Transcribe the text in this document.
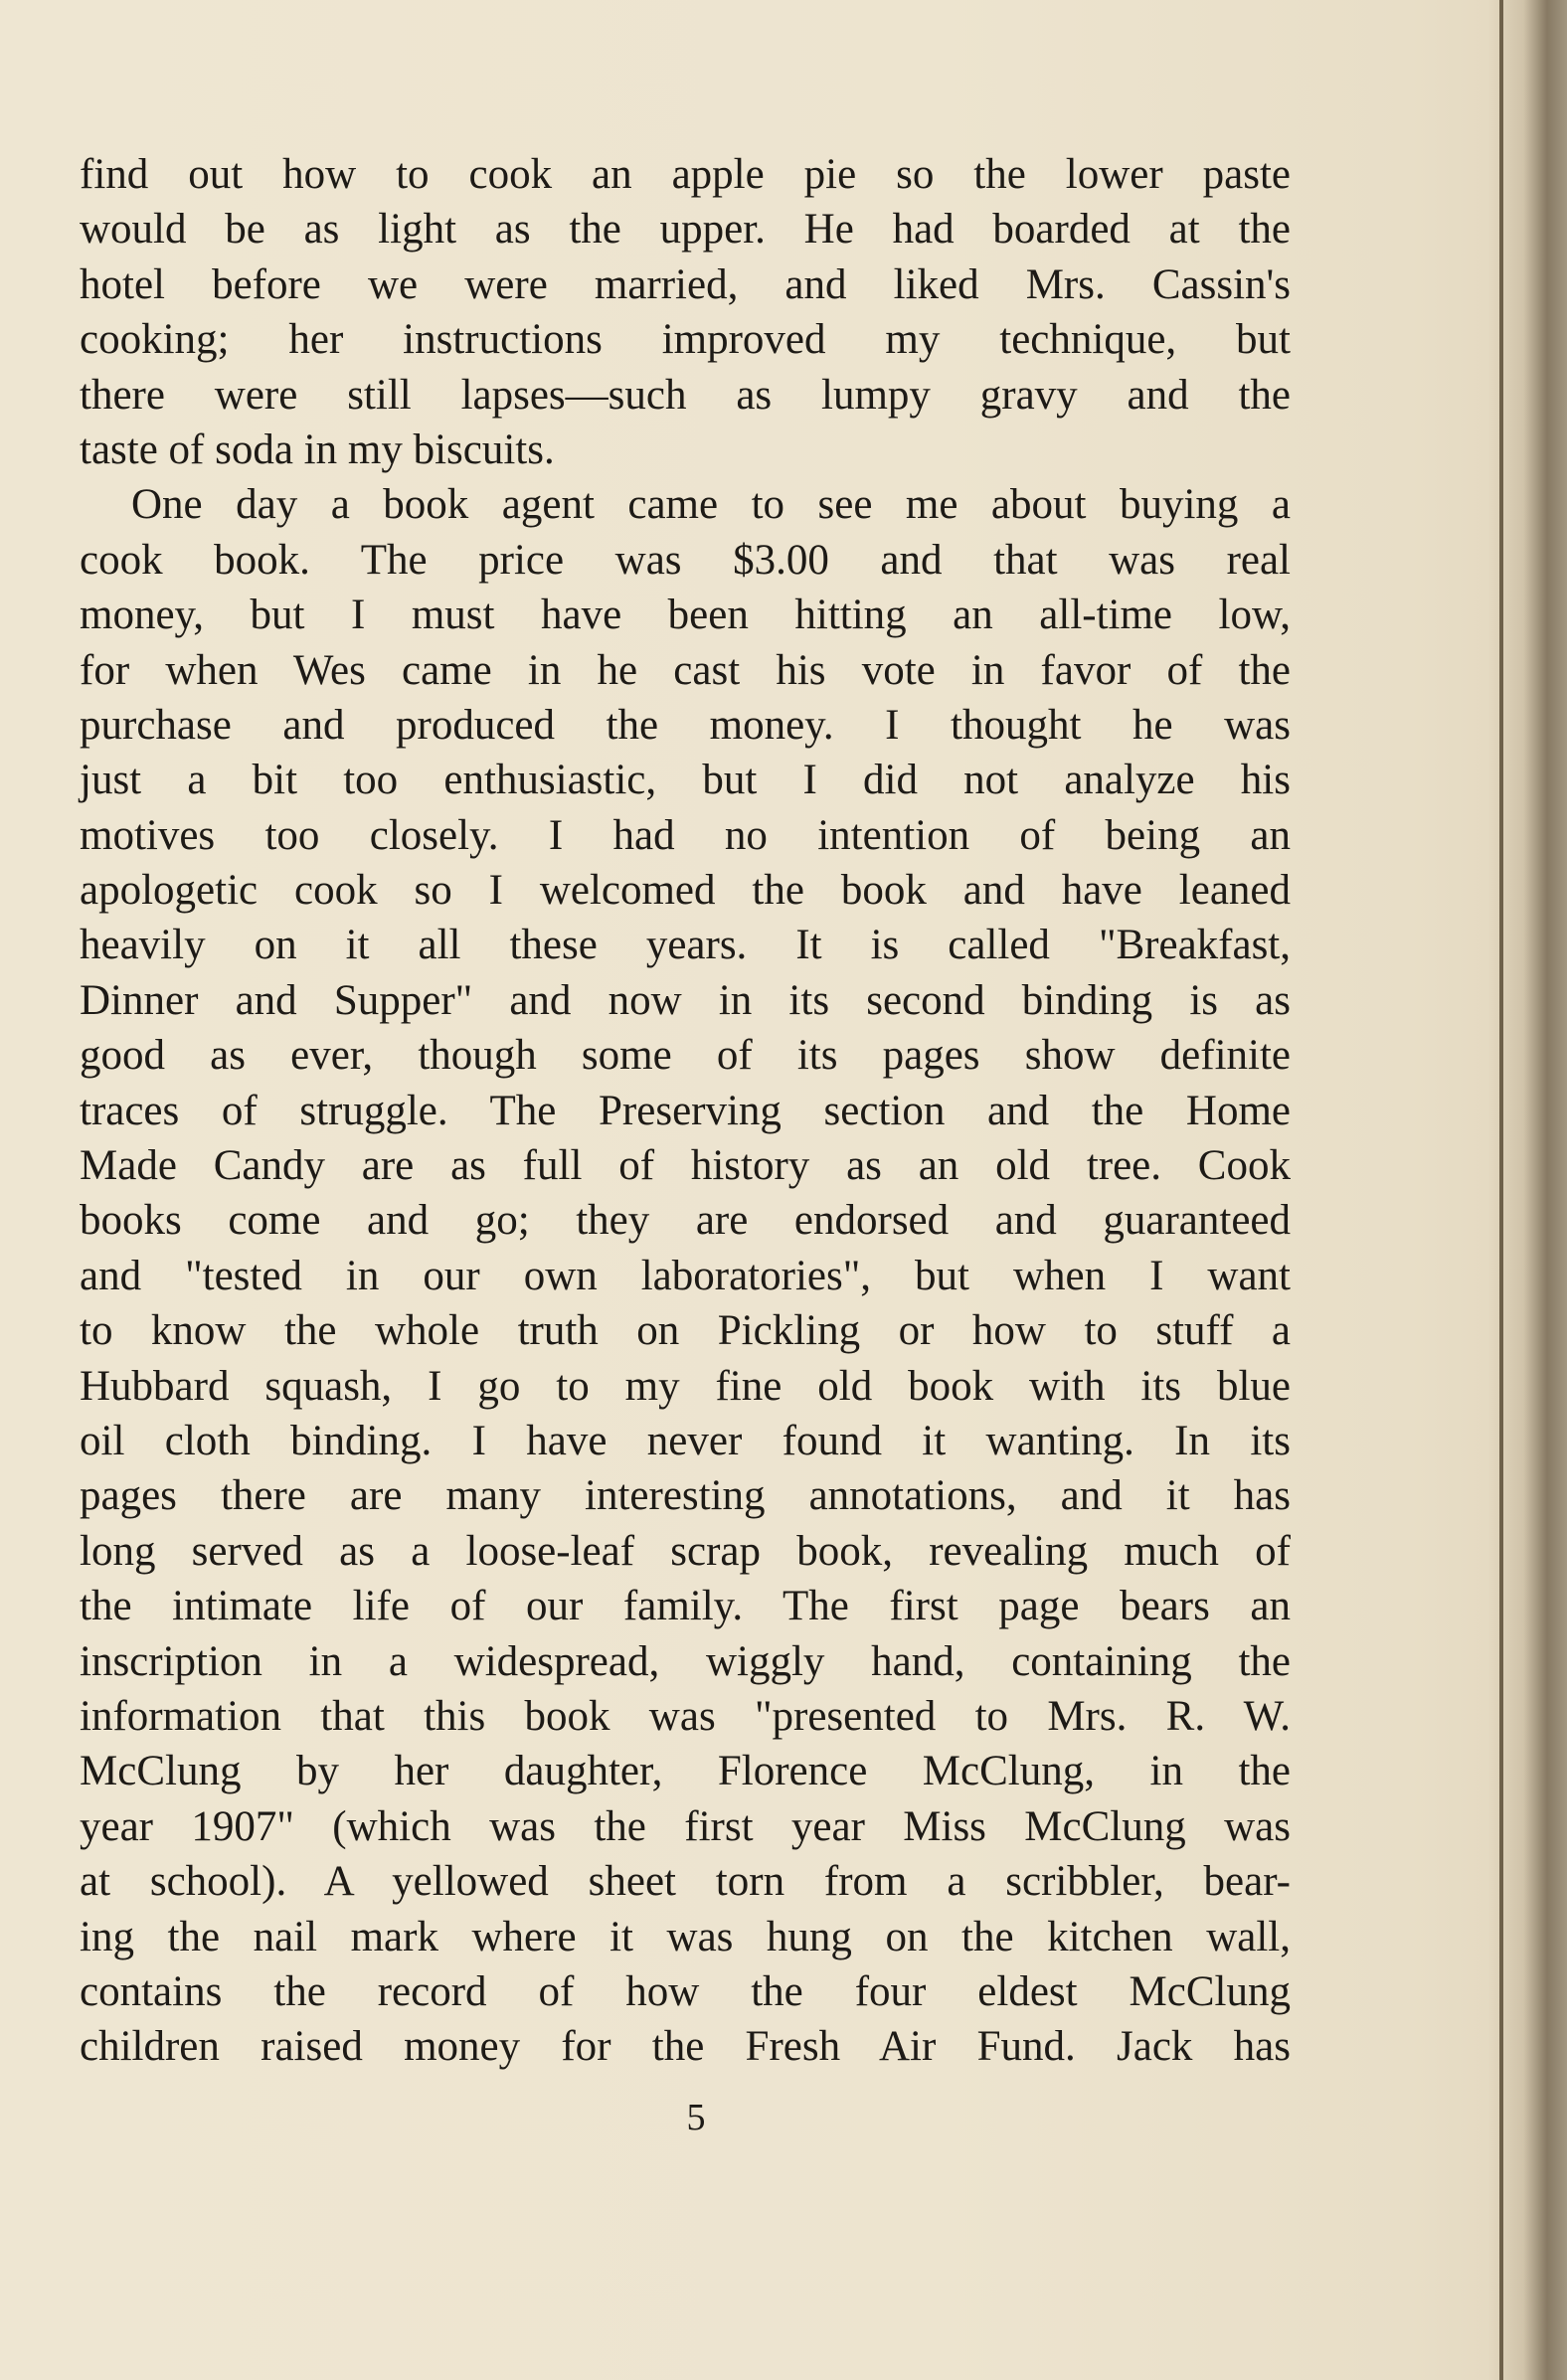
find out how to cook an apple pie so the lower paste
would be as light as the upper. He had boarded at the
hotel before we were married, and liked Mrs. Cassin's
cooking; her instructions improved my technique, but
there were still lapses—such as lumpy gravy and the
taste of soda in my biscuits.
One day a book agent came to see me about buying a
cook book. The price was $3.00 and that was real
money, but I must have been hitting an all-time low,
for when Wes came in he cast his vote in favor of the
purchase and produced the money. I thought he was
just a bit too enthusiastic, but I did not analyze his
motives too closely. I had no intention of being an
apologetic cook so I welcomed the book and have leaned
heavily on it all these years. It is called "Breakfast,
Dinner and Supper" and now in its second binding is as
good as ever, though some of its pages show definite
traces of struggle. The Preserving section and the Home
Made Candy are as full of history as an old tree. Cook
books come and go; they are endorsed and guaranteed
and "tested in our own laboratories", but when I want
to know the whole truth on Pickling or how to stuff a
Hubbard squash, I go to my fine old book with its blue
oil cloth binding. I have never found it wanting. In its
pages there are many interesting annotations, and it has
long served as a loose-leaf scrap book, revealing much of
the intimate life of our family. The first page bears an
inscription in a widespread, wiggly hand, containing the
information that this book was "presented to Mrs. R. W.
McClung by her daughter, Florence McClung, in the
year 1907" (which was the first year Miss McClung was
at school). A yellowed sheet torn from a scribbler, bear-
ing the nail mark where it was hung on the kitchen wall,
contains the record of how the four eldest McClung
children raised money for the Fresh Air Fund. Jack has
5
